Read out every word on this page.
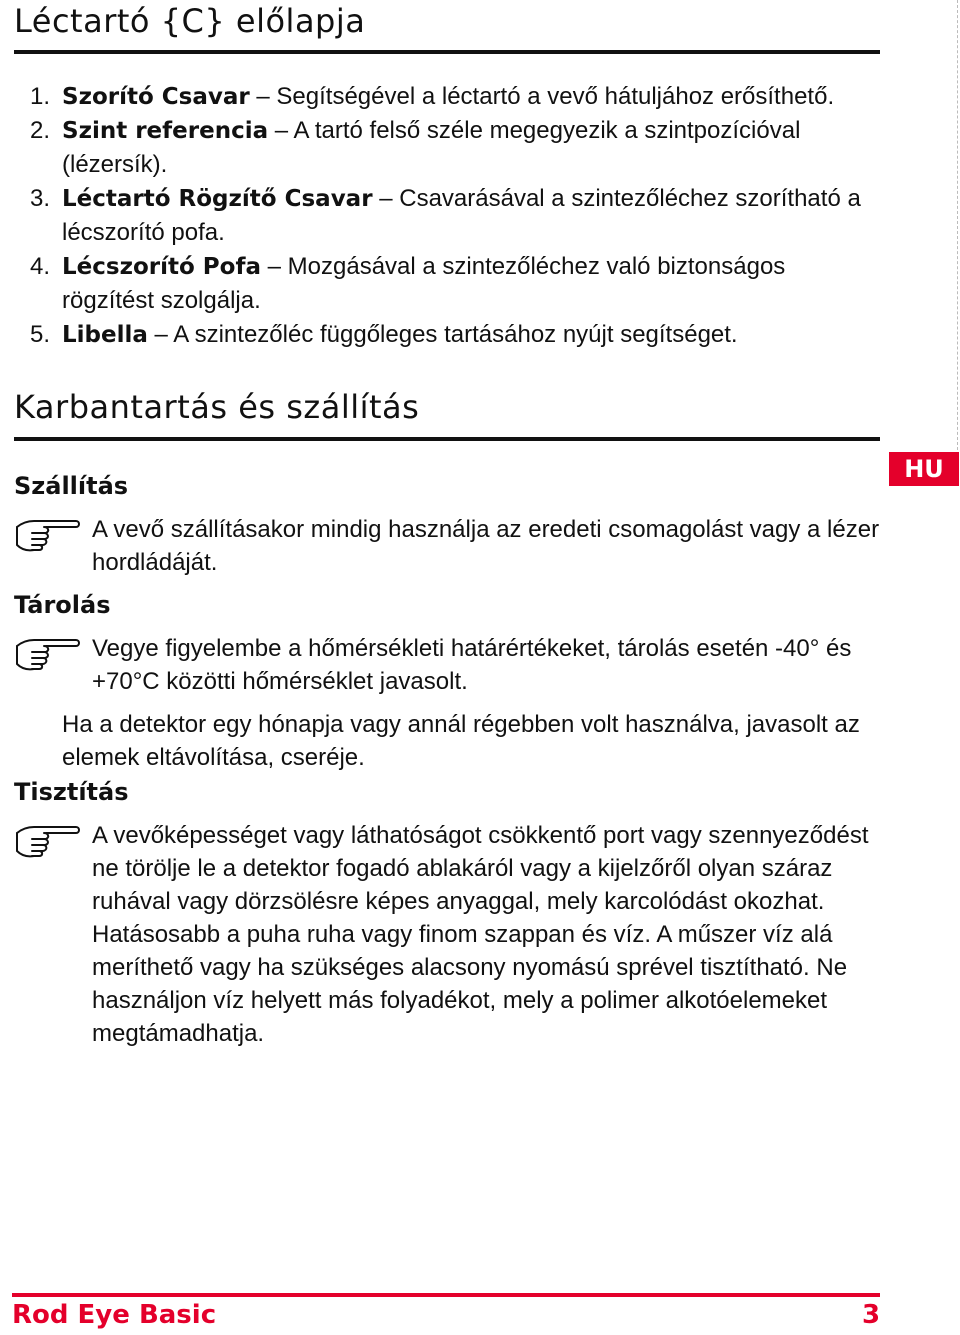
Léctartó {C} előlapja
1. Szorító Csavar – Segítségével a léctartó a vevő hátuljához erősíthető.
2. Szint referencia – A tartó felső széle megegyezik a szintpozícióval (lézersík).
3. Léctartó Rögzítő Csavar – Csavarásával a szintezőléchez szorítható a lécszorító pofa.
4. Lécszorító Pofa – Mozgásával a szintezőléchez való biztonságos rögzítést szolgálja.
5. Libella – A szintezőléc függőleges tartásához nyújt segítséget.
Karbantartás és szállítás
HU
Szállítás
A vevő szállításakor mindig használja az eredeti csomagolást vagy a lézer hordládáját.
Tárolás
Vegye figyelembe a hőmérsékleti határértékeket, tárolás esetén -40° és +70°C közötti hőmérséklet javasolt.
Ha a detektor egy hónapja vagy annál régebben volt használva, javasolt az elemek eltávolítása, cseréje.
Tisztítás
A vevőképességet vagy láthatóságot csökkentő port vagy szennyeződést ne törölje le a detektor fogadó ablakáról vagy a kijelzőről olyan száraz ruhával vagy dörzsölésre képes anyaggal, mely karcolódást okozhat. Hatásosabb a puha ruha vagy finom szappan és víz. A műszer víz alá meríthető vagy ha szükséges alacsony nyomású sprével tisztítható. Ne használjon víz helyett más folyadékot, mely a polimer alkotóelemeket megtámadhatja.
Rod Eye Basic	3
